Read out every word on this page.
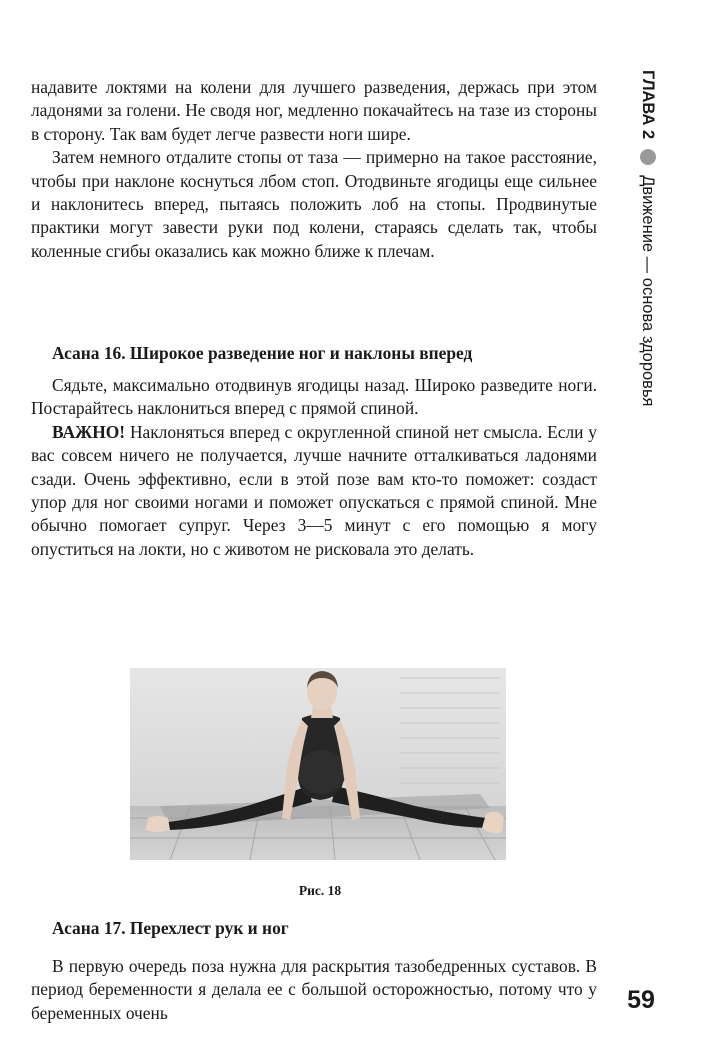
ГЛАВА 2
Движение — основа здоровья

надавите локтями на колени для лучшего разведения, держась при этом ладонями за голени. Не сводя ног, медленно покачайтесь на тазе из стороны в сторону. Так вам будет легче развести ноги шире.

Затем немного отдалите стопы от таза — примерно на такое расстояние, чтобы при наклоне коснуться лбом стоп. Отодвиньте ягодицы еще сильнее и наклонитесь вперед, пытаясь положить лоб на стопы. Продвинутые практики могут завести руки под колени, стараясь сделать так, чтобы коленные сгибы оказались как можно ближе к плечам.

Асана 16. Широкое разведение ног и наклоны вперед

Сядьте, максимально отодвинув ягодицы назад. Широко разведите ноги. Постарайтесь наклониться вперед с прямой спиной.

ВАЖНО! Наклоняться вперед с округленной спиной нет смысла. Если у вас совсем ничего не получается, лучше начните отталкиваться ладонями сзади. Очень эффективно, если в этой позе вам кто-то поможет: создаст упор для ног своими ногами и поможет опускаться с прямой спиной. Мне обычно помогает супруг. Через 3—5 минут с его помощью я могу опуститься на локти, но с животом не рисковала это делать.

Рис. 18
Асана 17. Перехлест рук и ног

В первую очередь поза нужна для раскрытия тазобедренных суставов. В период беременности я делала ее с большой осторожностью, потому что у беременных очень	59
